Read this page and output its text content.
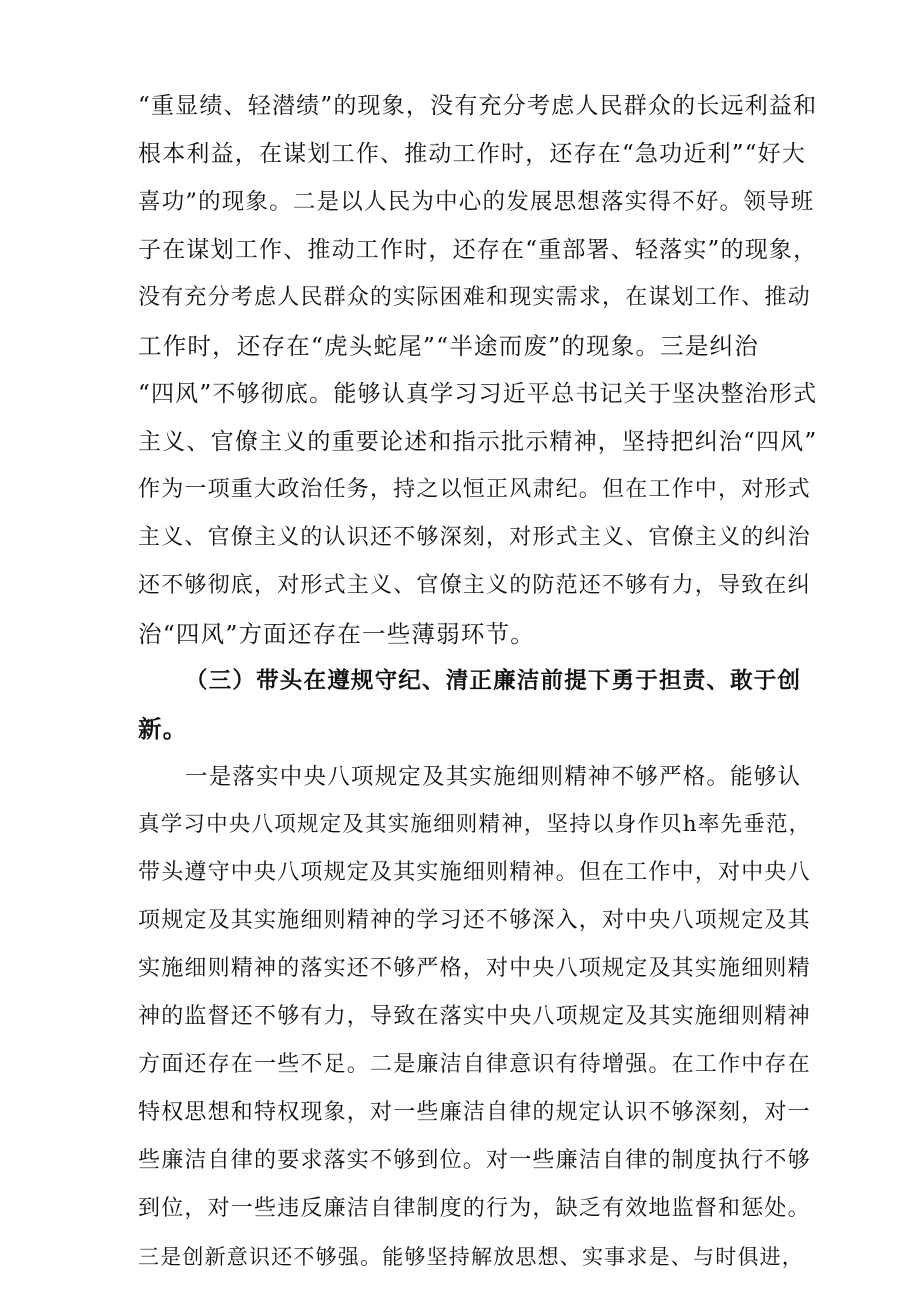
“重显绩、轻潜绩”的现象，没有充分考虑人民群众的长远利益和
根本利益，在谋划工作、推动工作时，还存在“急功近利”“好大
喜功”的现象。二是以人民为中心的发展思想落实得不好。领导班
子在谋划工作、推动工作时，还存在“重部署、轻落实”的现象，
没有充分考虑人民群众的实际困难和现实需求，在谋划工作、推动
工作时，还存在“虎头蛇尾”“半途而废”的现象。三是纠治
“四风”不够彻底。能够认真学习习近平总书记关于坚决整治形式
主义、官僚主义的重要论述和指示批示精神，坚持把纠治“四风”
作为一项重大政治任务，持之以恒正风肃纪。但在工作中，对形式
主义、官僚主义的认识还不够深刻，对形式主义、官僚主义的纠治
还不够彻底，对形式主义、官僚主义的防范还不够有力，导致在纠
治“四风”方面还存在一些薄弱环节。
（三）带头在遵规守纪、清正廉洁前提下勇于担责、敢于创
新。
一是落实中央八项规定及其实施细则精神不够严格。能够认
真学习中央八项规定及其实施细则精神，坚持以身作贝h率先垂范，
带头遵守中央八项规定及其实施细则精神。但在工作中，对中央八
项规定及其实施细则精神的学习还不够深入，对中央八项规定及其
实施细则精神的落实还不够严格，对中央八项规定及其实施细则精
神的监督还不够有力，导致在落实中央八项规定及其实施细则精神
方面还存在一些不足。二是廉洁自律意识有待增强。在工作中存在
特权思想和特权现象，对一些廉洁自律的规定认识不够深刻，对一
些廉洁自律的要求落实不够到位。对一些廉洁自律的制度执行不够
到位，对一些违反廉洁自律制度的行为，缺乏有效地监督和惩处。
三是创新意识还不够强。能够坚持解放思想、实事求是、与时俱进，
